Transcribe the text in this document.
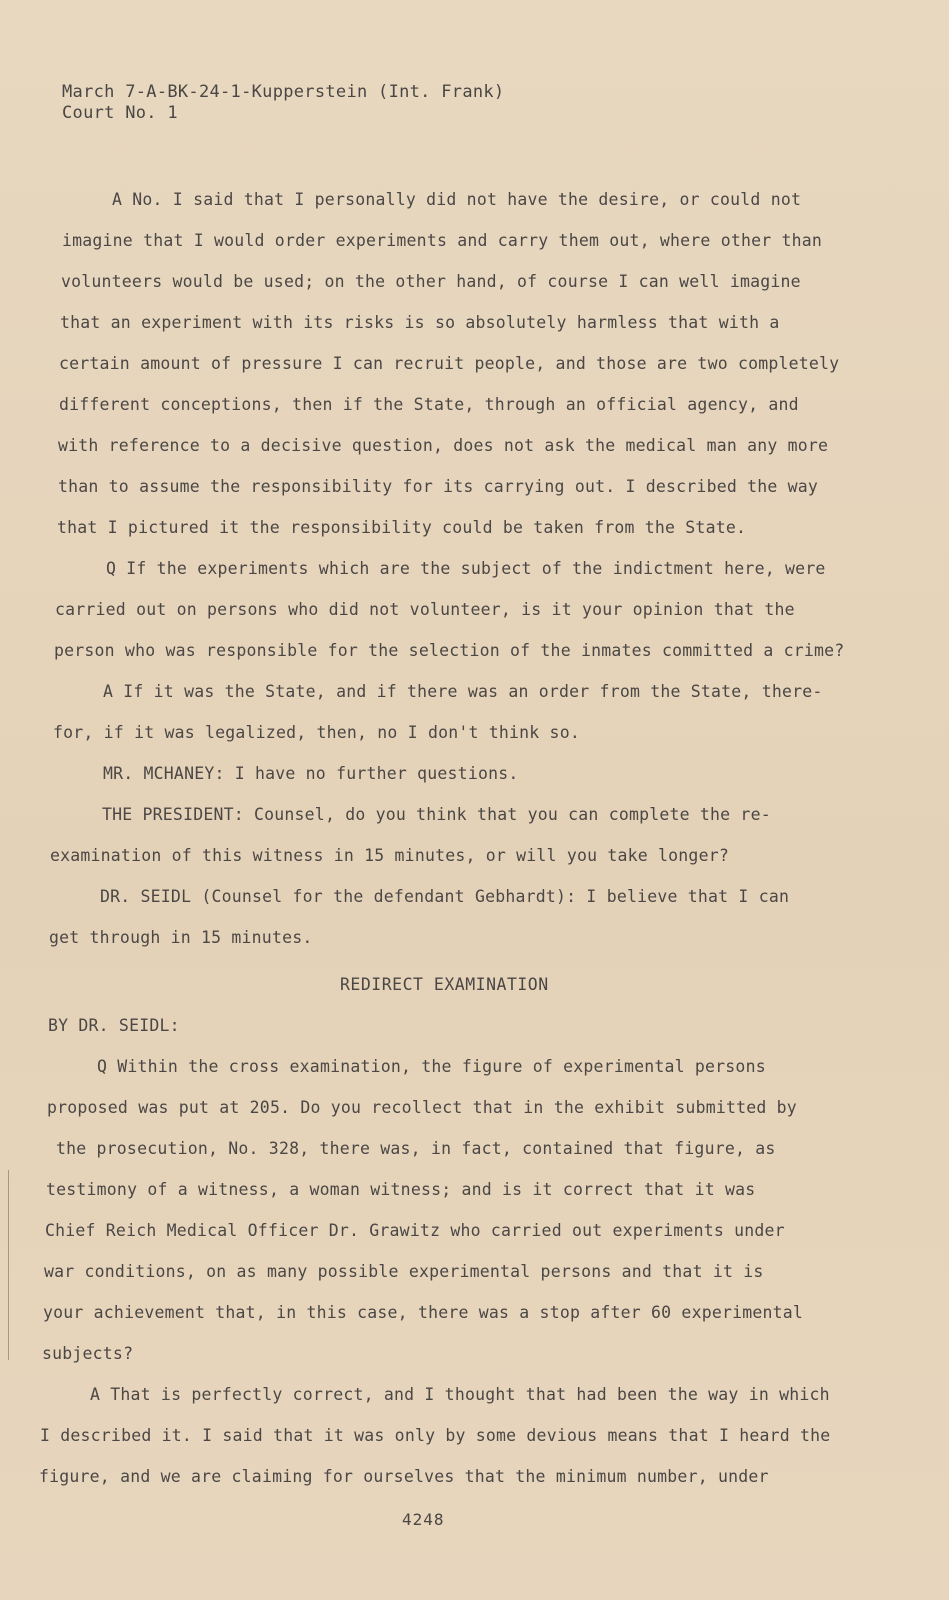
March 7-A-BK-24-1-Kupperstein (Int. Frank)
Court No. 1
A No. I said that I personally did not have the desire, or could not
imagine that I would order experiments and carry them out, where other than
volunteers would be used; on the other hand, of course I can well imagine
that an experiment with its risks is so absolutely harmless that with a
certain amount of pressure I can recruit people, and those are two completely
different conceptions, then if the State, through an official agency, and
with reference to a decisive question, does not ask the medical man any more
than to assume the responsibility for its carrying out. I described the way
that I pictured it the responsibility could be taken from the State.
Q If the experiments which are the subject of the indictment here, were
carried out on persons who did not volunteer, is it your opinion that the
person who was responsible for the selection of the inmates committed a crime?
A If it was the State, and if there was an order from the State, there-
for, if it was legalized, then, no I don't think so.
MR. MCHANEY: I have no further questions.
THE PRESIDENT: Counsel, do you think that you can complete the re-
examination of this witness in 15 minutes, or will you take longer?
DR. SEIDL (Counsel for the defendant Gebhardt): I believe that I can
get through in 15 minutes.
REDIRECT EXAMINATION
BY DR. SEIDL:
Q Within the cross examination, the figure of experimental persons
proposed was put at 205. Do you recollect that in the exhibit submitted by
the prosecution, No. 328, there was, in fact, contained that figure, as
testimony of a witness, a woman witness; and is it correct that it was
Chief Reich Medical Officer Dr. Grawitz who carried out experiments under
war conditions, on as many possible experimental persons and that it is
your achievement that, in this case, there was a stop after 60 experimental
subjects?
A That is perfectly correct, and I thought that had been the way in which
I described it. I said that it was only by some devious means that I heard the
figure, and we are claiming for ourselves that the minimum number, under
4248
